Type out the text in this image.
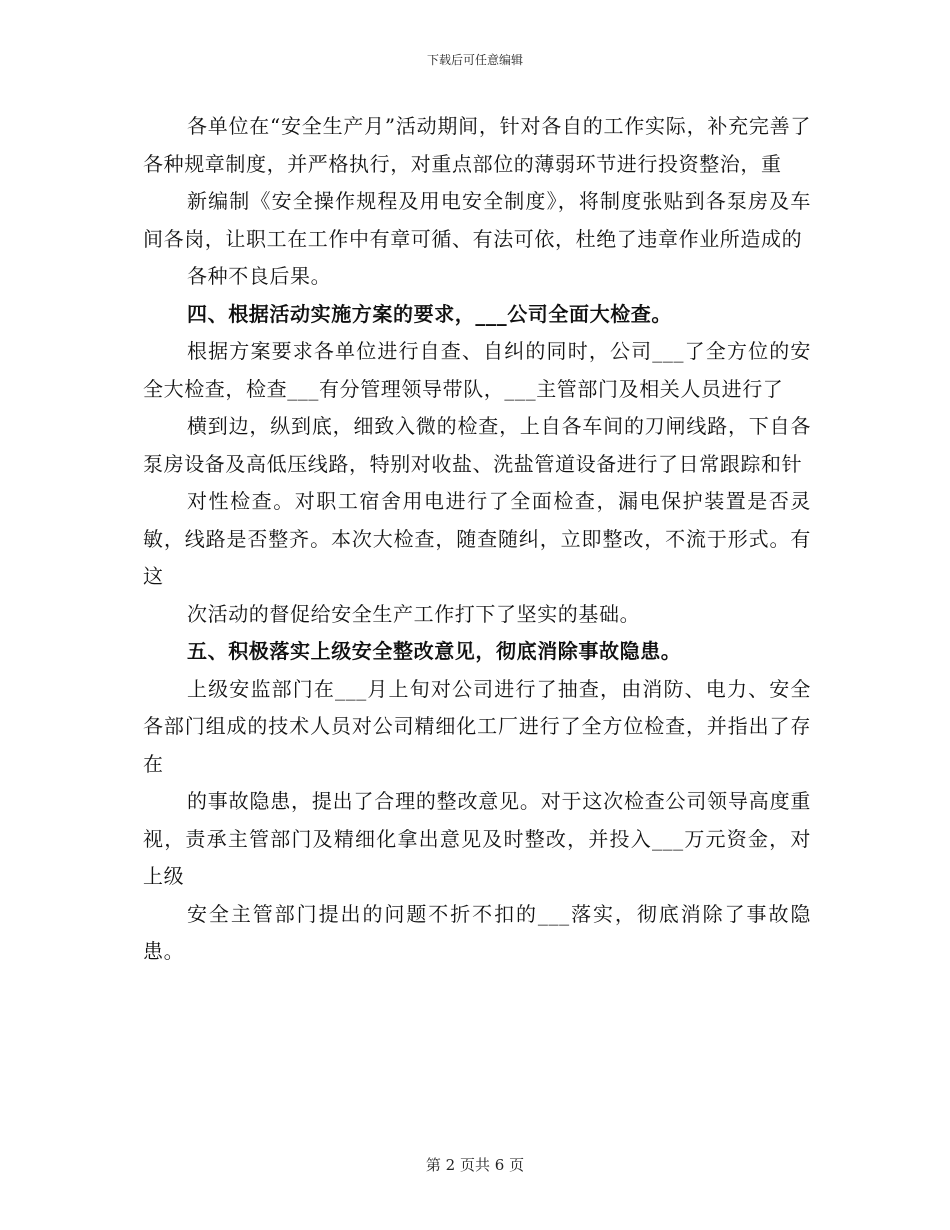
下载后可任意编辑

各单位在“安全生产月”活动期间，针对各自的工作实际，补充完善了各种规章制度，并严格执行，对重点部位的薄弱环节进行投资整治，重

新编制《安全操作规程及用电安全制度》，将制度张贴到各泵房及车间各岗，让职工在工作中有章可循、有法可依，杜绝了违章作业所造成的

各种不良后果。

四、根据活动实施方案的要求，___公司全面大检查。

根据方案要求各单位进行自查、自纠的同时，公司___了全方位的安全大检查，检查___有分管理领导带队，___主管部门及相关人员进行了

横到边，纵到底，细致入微的检查，上自各车间的刀闸线路，下自各泵房设备及高低压线路，特别对收盐、洗盐管道设备进行了日常跟踪和针

对性检查。对职工宿舍用电进行了全面检查，漏电保护装置是否灵敏，线路是否整齐。本次大检查，随查随纠，立即整改，不流于形式。有这

次活动的督促给安全生产工作打下了坚实的基础。

五、积极落实上级安全整改意见，彻底消除事故隐患。

上级安监部门在___月上旬对公司进行了抽查，由消防、电力、安全各部门组成的技术人员对公司精细化工厂进行了全方位检查，并指出了存在

的事故隐患，提出了合理的整改意见。对于这次检查公司领导高度重视，责承主管部门及精细化拿出意见及时整改，并投入___万元资金，对上级

安全主管部门提出的问题不折不扣的___落实，彻底消除了事故隐患。

第 2 页共 6 页
